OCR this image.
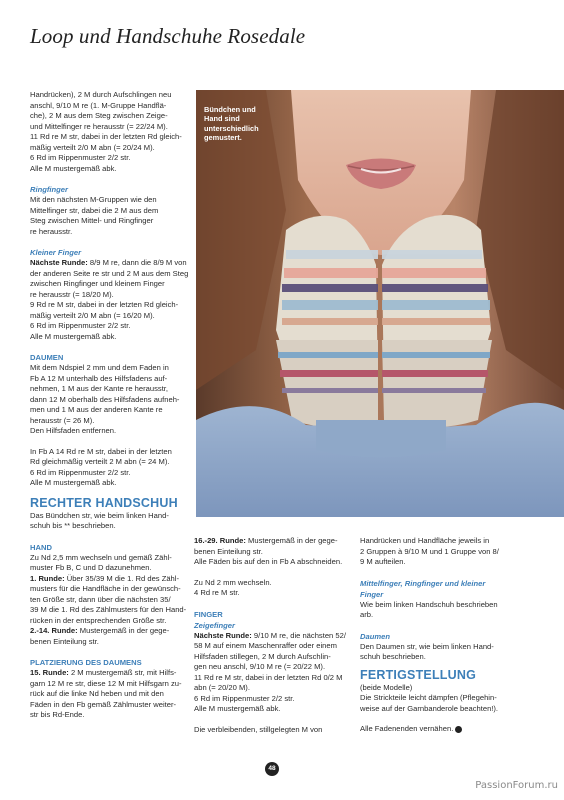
Loop und Handschuhe Rosedale
Handrücken), 2 M durch Aufschlingen neu
anschl, 9/10 M re (1. M-Gruppe Handflä-
che), 2 M aus dem Steg zwischen Zeige-
und Mittelfinger re herausstr (= 22/24 M).
11 Rd re M str, dabei in der letzten Rd gleich-
mäßig verteilt 2/0 M abn (= 20/24 M).
6 Rd im Rippenmuster 2/2 str.
Alle M mustergemäß abk.
Ringfinger
Mit den nächsten M-Gruppen wie den
Mittelfinger str, dabei die 2 M aus dem
Steg zwischen Mittel- und Ringfinger
re herausstr.
Kleiner Finger

Nächste Runde: 8/9 M re, dann die 8/9 M von

der anderen Seite re str und 2 M aus dem Steg
zwischen Ringfinger und kleinem Finger
re herausstr (= 18/20 M).
9 Rd re M str, dabei in der letzten Rd gleich-
mäßig verteilt 2/0 M abn (= 16/20 M).
6 Rd im Rippenmuster 2/2 str.
Alle M mustergemäß abk.
DAUMEN
Mit dem Ndspiel 2 mm und dem Faden in
Fb A 12 M unterhalb des Hilfsfadens auf-
nehmen, 1 M aus der Kante re herausstr,
dann 12 M oberhalb des Hilfsfadens aufneh-
men und 1 M aus der anderen Kante re
herausstr (= 26 M).
Den Hilfsfaden entfernen.
In Fb A 14 Rd re M str, dabei in der letzten
Rd gleichmäßig verteilt 2 M abn (= 24 M).
6 Rd im Rippenmuster 2/2 str.
Alle M mustergemäß abk.
RECHTER HANDSCHUH
Das Bündchen str, wie beim linken Hand-
schuh bis ** beschrieben.
HAND
Zu Nd 2,5 mm wechseln und gemäß Zähl-
muster Fb B, C und D dazunehmen.

1. Runde: Über 35/39 M die 1. Rd des Zähl-

musters für die Handfläche in der gewünsch-
ten Größe str, dann über die nächsten 35/
39 M die 1. Rd des Zählmusters für den Hand-
rücken in der entsprechenden Größe str.

2.-14. Runde: Mustergemäß in der gege-

benen Einteilung str.
PLATZIERUNG DES DAUMENS

15. Runde: 2 M mustergemäß str, mit Hilfs-

garn 12 M re str, diese 12 M mit Hilfsgarn zu-
rück auf die linke Nd heben und mit den
Fäden in den Fb gemäß Zählmuster weiter-
str bis Rd-Ende.
Bündchen und
Hand sind
unterschiedlich
gemustert.

16.-29. Runde: Mustergemäß in der gege-

benen Einteilung str.
Alle Fäden bis auf den in Fb A abschneiden.
Zu Nd 2 mm wechseln.
4 Rd re M str.
FINGER
Zeigefinger

Nächste Runde: 9/10 M re, die nächsten 52/

58 M auf einem Maschenraffer oder einem
Hilfsfaden stillegen, 2 M durch Aufschlin-
gen neu anschl, 9/10 M re (= 20/22 M).
11 Rd re M str, dabei in der letzten Rd 0/2 M
abn (= 20/20 M).
6 Rd im Rippenmuster 2/2 str.
Alle M mustergemäß abk.

Die verbleibenden, stillgelegten M von

Handrücken und Handfläche jeweils in
2 Gruppen à 9/10 M und 1 Gruppe von 8/
9 M aufteilen.
Mittelfinger, Ringfinger und kleiner
Finger
Wie beim linken Handschuh beschrieben
arb.
Daumen
Den Daumen str, wie beim linken Hand-
schuh beschrieben.
FERTIGSTELLUNG

(beide Modelle)

Die Strickteile leicht dämpfen (Pflegehin-
weise auf der Garnbanderole beachten!).

Alle Fadenenden vernähen.

48
PassionForum.ru
